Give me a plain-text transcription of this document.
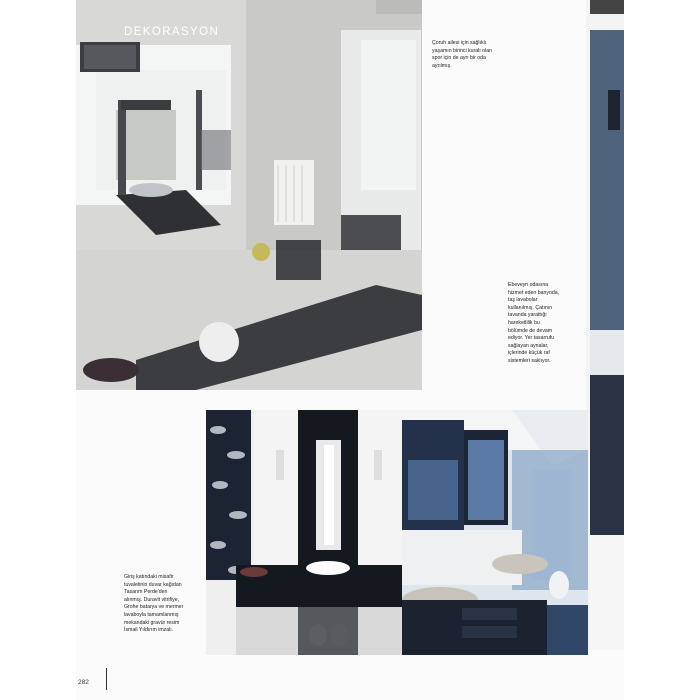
DEKORASYON
Çoruh ailesi için sağlıklı
yaşamın birinci kuralı olan
spor için de ayrı bir oda
ayrılmış.
Ebeveyn odasına
hizmet eden banyoda,
taş lavabolar
kullanılmış. Çatının
tavanda yarattığı
hareketlilik bu
bölümde de devam
ediyor. Yer tasarrufu
sağlayan aynalar,
içlerinde küçük raf
sistemleri saklıyor.
Giriş katındaki misafir
tuvaletinin duvar kağıdan
Tasarım Perde'den
alınmış. Duravit vitrifiye,
Grohe batarya ve mermer
lavaboyla tamamlanmış
mekandaki gravür resim
İsmail Yıldırım imzalı.
282
